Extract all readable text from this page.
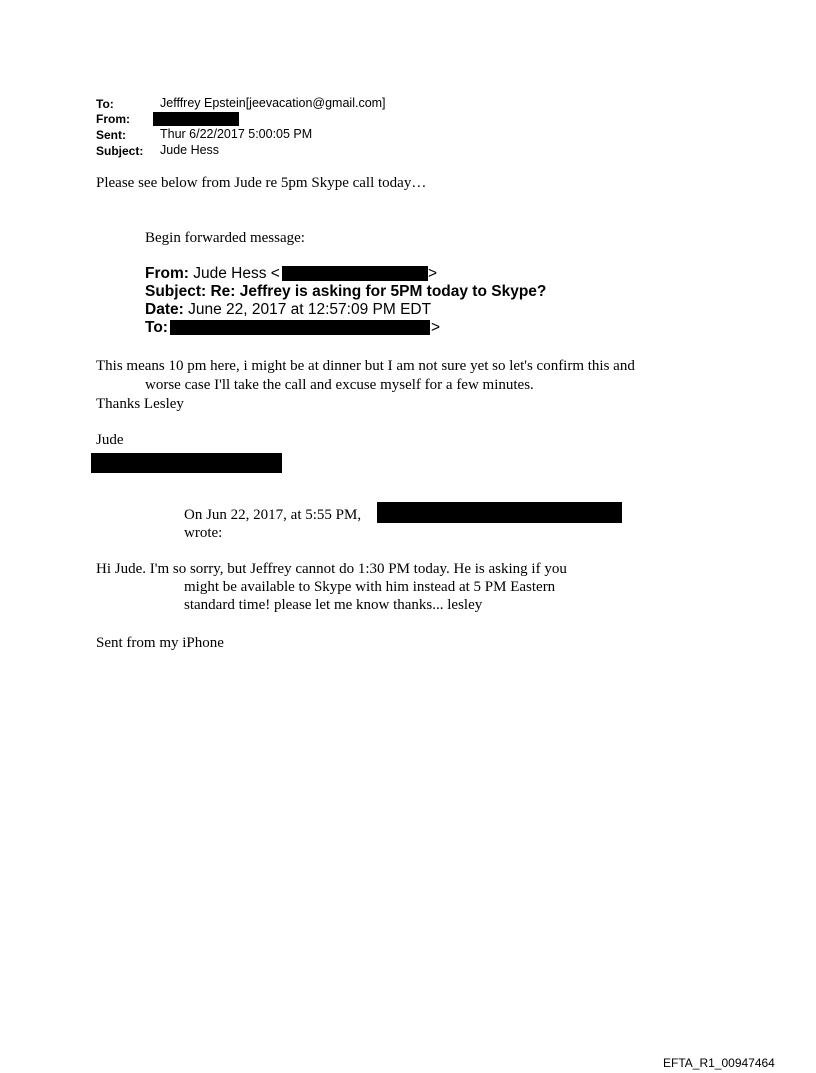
To:	Jefffrey Epstein[jeevacation@gmail.com]
From:
Sent:	Thur 6/22/2017 5:00:05 PM
Subject: Jude Hess
Please see below from Jude re 5pm Skype call today…
Begin forwarded message:
From: Jude Hess <	>
Subject: Re: Jeffrey is asking for 5PM today to Skype?
Date: June 22, 2017 at 12:57:09 PM EDT
To:	>
This means 10 pm here, i might be at dinner but I am not sure yet so let's confirm this and
worse case I'll take the call and excuse myself for a few minutes.
Thanks Lesley
Jude
On Jun 22, 2017, at 5:55 PM,
wrote:
Hi Jude. I'm so sorry, but Jeffrey cannot do 1:30 PM today. He is asking if you
might be available to Skype with him instead at 5 PM Eastern
standard time! please let me know thanks... lesley
Sent from my iPhone
EFTA_R1_00947464
